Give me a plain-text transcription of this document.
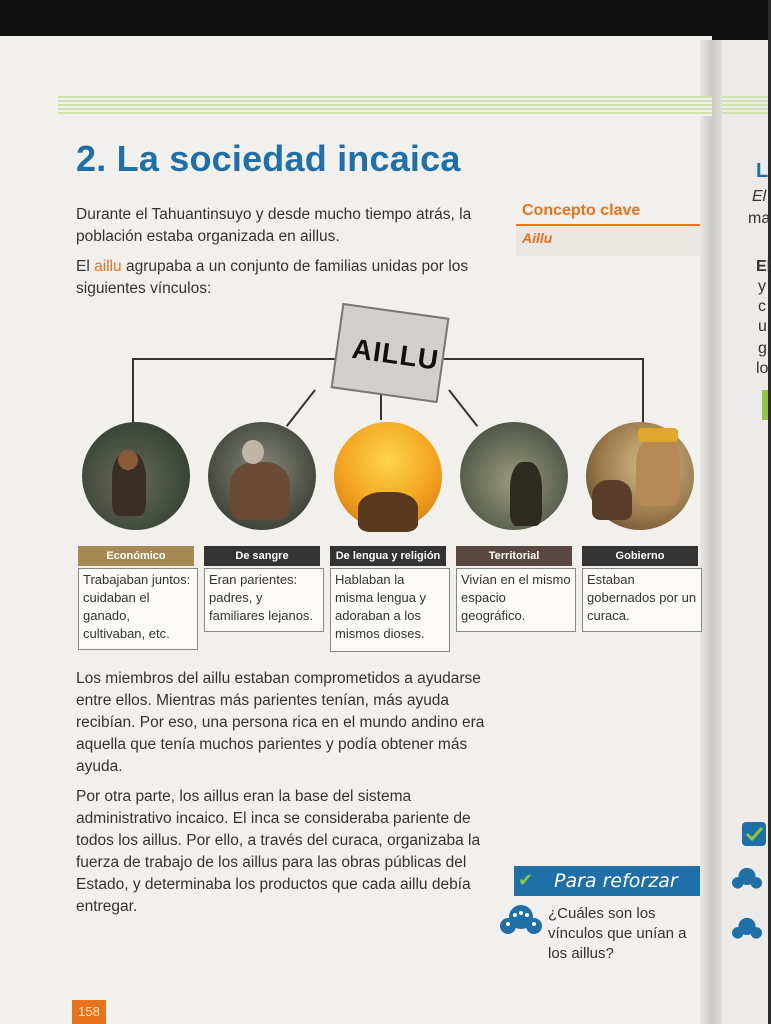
2. La sociedad incaica

Durante el Tahuantinsuyo y desde mucho tiempo atrás, la población estaba organizada en aillus.

El aillu agrupaba a un conjunto de familias unidas por los siguientes vínculos:

Concepto clave
Aillu
AILLU
Económico	De sangre	De lengua y religión	Territorial	Gobierno
Trabajaban juntos: cuidaban el ganado, cultivaban, etc.
Eran parientes: padres, y familiares lejanos.
Hablaban la misma lengua y adoraban a los mismos dioses.
Vivían en el mismo espacio geográfico.
Estaban gobernados por un curaca.

Los miembros del aillu estaban comprometidos a ayudarse entre ellos. Mientras más parientes tenían, más ayuda recibían. Por eso, una persona rica en el mundo andino era aquella que tenía muchos parientes y podía obtener más ayuda.

Por otra parte, los aillus eran la base del sistema administrativo incaico. El inca se consideraba pariente de todos los aillus. Por ello, a través del curaca, organizaba la fuerza de trabajo de los aillus para las obras públicas del Estado, y determinaba los productos que cada aillu debía entregar.

✔	Para reforzar

¿Cuáles son los vínculos que unían a los aillus?

158
L
El
ma
El
y
c
u
g
lo
